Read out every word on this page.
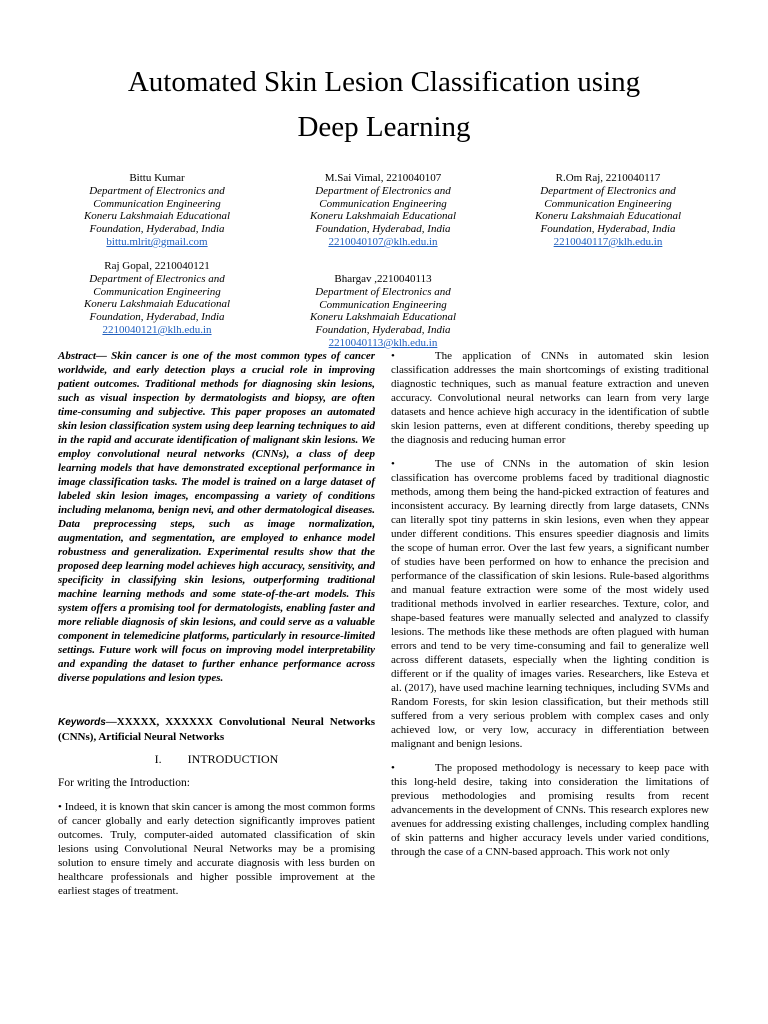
Automated Skin Lesion Classification using
Deep Learning
Bittu Kumar
Department of Electronics and
Communication Engineering
Koneru Lakshmaiah Educational
Foundation, Hyderabad, India
bittu.mlrit@gmail.com
M.Sai Vimal, 2210040107
Department of Electronics and
Communication Engineering
Koneru Lakshmaiah Educational
Foundation, Hyderabad, India
2210040107@klh.edu.in
R.Om Raj, 2210040117
Department of Electronics and
Communication Engineering
Koneru Lakshmaiah Educational
Foundation, Hyderabad, India
2210040117@klh.edu.in
Raj Gopal, 2210040121
Department of Electronics and
Communication Engineering
Koneru Lakshmaiah Educational
Foundation, Hyderabad, India
2210040121@klh.edu.in
Bhargav ,2210040113
Department of Electronics and
Communication Engineering
Koneru Lakshmaiah Educational
Foundation, Hyderabad, India
2210040113@klh.edu.in

Abstract— Skin cancer is one of the most common types of cancer worldwide, and early detection plays a crucial role in improving patient outcomes. Traditional methods for diagnosing skin lesions, such as visual inspection by dermatologists and biopsy, are often time-consuming and subjective. This paper proposes an automated skin lesion classification system using deep learning techniques to aid in the rapid and accurate identification of malignant skin lesions. We employ convolutional neural networks (CNNs), a class of deep learning models that have demonstrated exceptional performance in image classification tasks. The model is trained on a large dataset of labeled skin lesion images, encompassing a variety of conditions including melanoma, benign nevi, and other dermatological diseases. Data preprocessing steps, such as image normalization, augmentation, and segmentation, are employed to enhance model robustness and generalization. Experimental results show that the proposed deep learning model achieves high accuracy, sensitivity, and specificity in classifying skin lesions, outperforming traditional machine learning methods and some state-of-the-art models. This system offers a promising tool for dermatologists, enabling faster and more reliable diagnosis of skin lesions, and could serve as a valuable component in telemedicine platforms, particularly in resource-limited settings. Future work will focus on improving model interpretability and expanding the dataset to further enhance performance across diverse populations and lesion types.

Keywords—XXXXX, XXXXXX Convolutional Neural Networks (CNNs), Artificial Neural Networks

I. INTRODUCTION

For writing the Introduction:

• Indeed, it is known that skin cancer is among the most common forms of cancer globally and early detection significantly improves patient outcomes. Truly, computer-aided automated classification of skin lesions using Convolutional Neural Networks may be a promising solution to ensure timely and accurate diagnosis with less burden on healthcare professionals and higher possible improvement at the earliest stages of treatment.

•	The application of CNNs in automated skin lesion classification addresses the main shortcomings of existing traditional diagnostic techniques, such as manual feature extraction and uneven accuracy. Convolutional neural networks can learn from very large datasets and hence achieve high accuracy in the identification of subtle skin lesion patterns, even at different conditions, thereby speeding up the diagnosis and reducing human error

•	The use of CNNs in the automation of skin lesion classification has overcome problems faced by traditional diagnostic methods, among them being the hand-picked extraction of features and inconsistent accuracy. By learning directly from large datasets, CNNs can literally spot tiny patterns in skin lesions, even when they appear under different conditions. This ensures speedier diagnosis and limits the scope of human error. Over the last few years, a significant number of studies have been performed on how to enhance the precision and performance of the classification of skin lesions. Rule-based algorithms and manual feature extraction were some of the most widely used traditional methods involved in earlier researches. Texture, color, and shape-based features were manually selected and analyzed to classify lesions. The methods like these methods are often plagued with human errors and tend to be very time-consuming and fail to generalize well across different datasets, especially when the lighting condition is different or if the quality of images varies. Researchers, like Esteva et al. (2017), have used machine learning techniques, including SVMs and Random Forests, for skin lesion classification, but their methods still suffered from a very serious problem with complex cases and only achieved low, or very low, accuracy in differentiation between malignant and benign lesions.

•	The proposed methodology is necessary to keep pace with this long-held desire, taking into consideration the limitations of previous methodologies and promising results from recent advancements in the development of CNNs. This research explores new avenues for addressing existing challenges, including complex handling of skin patterns and higher accuracy levels under varied conditions, through the case of a CNN-based approach. This work not only
